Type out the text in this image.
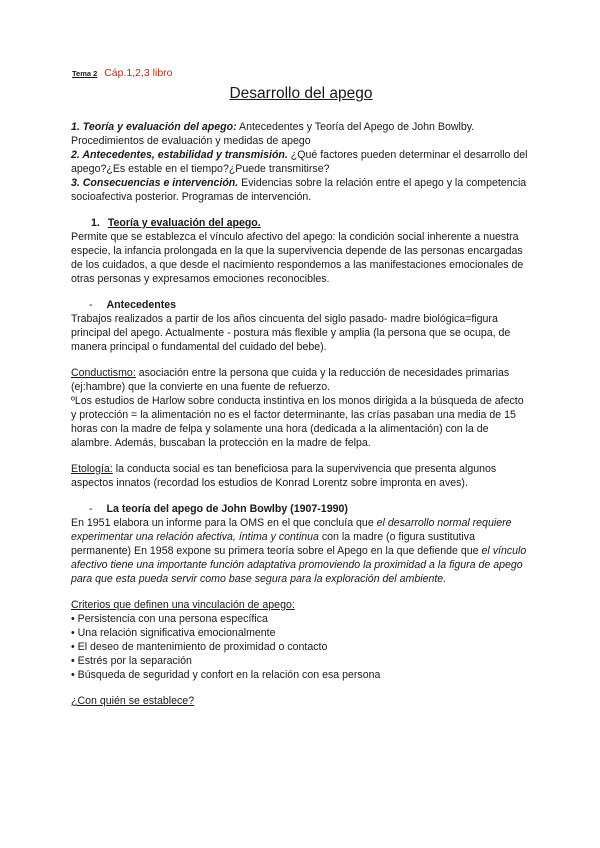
Tema 2 Cáp.1,2,3 libro
Desarrollo del apego

1. Teoría y evaluación del apego: Antecedentes y Teoría del Apego de John Bowlby. Procedimientos de evaluación y medidas de apego

2. Antecedentes, estabilidad y transmisión. ¿Qué factores pueden determinar el desarrollo del apego?¿Es estable en el tiempo?¿Puede transmitirse?

3. Consecuencias e intervención. Evidencias sobre la relación entre el apego y la competencia socioafectiva posterior. Programas de intervención.

1. Teoría y evaluación del apego.

Permite que se establezca el vínculo afectivo del apego: la condición social inherente a nuestra especie, la infancia prolongada en la que la supervivencia depende de las personas encargadas de los cuidados, a que desde el nacimiento respondemos a las manifestaciones emocionales de otras personas y expresamos emociones reconocibles.

- Antecedentes

Trabajos realizados a partir de los años cincuenta del siglo pasado- madre biológica=figura principal del apego. Actualmente - postura más flexible y amplia (la persona que se ocupa, de manera principal o fundamental del cuidado del bebe).

Conductismo: asociación entre la persona que cuida y la reducción de necesidades primarias (ej:hambre) que la convierte en una fuente de refuerzo.

ºLos estudios de Harlow sobre conducta instintiva en los monos dirigida a la búsqueda de afecto y protección = la alimentación no es el factor determinante, las crías pasaban una media de 15 horas con la madre de felpa y solamente una hora (dedicada a la alimentación) con la de alambre. Además, buscaban la protección en la madre de felpa.

Etología: la conducta social es tan beneficiosa para la supervivencia que presenta algunos aspectos innatos (recordad los estudios de Konrad Lorentz sobre impronta en aves).

- La teoría del apego de John Bowlby (1907-1990)

En 1951 elabora un informe para la OMS en el que concluía que el desarrollo normal requiere experimentar una relación afectiva, íntima y continua con la madre (o figura sustitutiva permanente) En 1958 expone su primera teoría sobre el Apego en la que defiende que el vínculo afectivo tiene una importante función adaptativa promoviendo la proximidad a la figura de apego para que esta pueda servir como base segura para la exploración del ambiente.

Criterios que definen una vinculación de apego:

• Persistencia con una persona específica
• Una relación significativa emocionalmente
• El deseo de mantenimiento de proximidad o contacto
• Estrés por la separación
• Búsqueda de seguridad y confort en la relación con esa persona

¿Con quién se establece?
